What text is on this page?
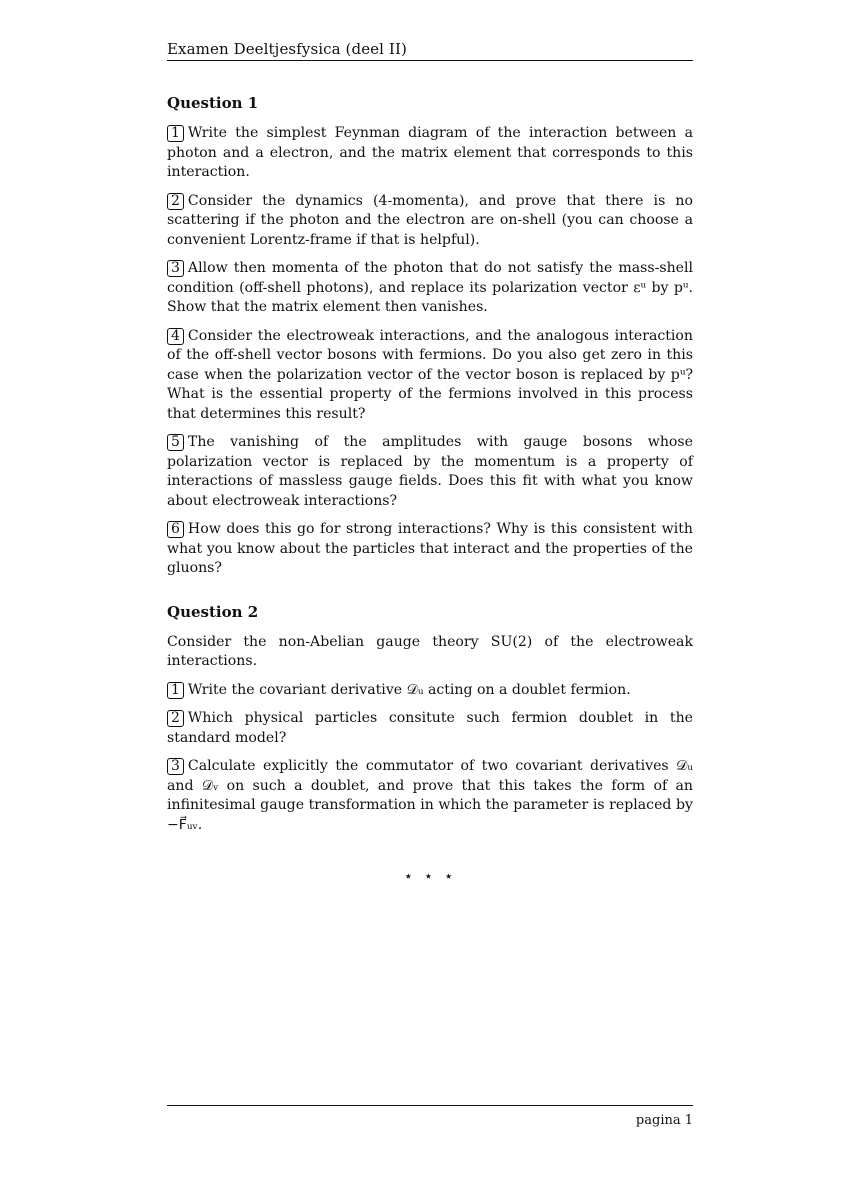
Examen Deeltjesfysica (deel II)
Question 1
1 Write the simplest Feynman diagram of the interaction between a photon and a electron, and the matrix element that corresponds to this interaction.
2 Consider the dynamics (4-momenta), and prove that there is no scattering if the photon and the electron are on-shell (you can choose a convenient Lorentz-frame if that is helpful).
3 Allow then momenta of the photon that do not satisfy the mass-shell condition (off-shell photons), and replace its polarization vector εᵘ by pᵘ. Show that the matrix element then vanishes.
4 Consider the electroweak interactions, and the analogous interaction of the off-shell vector bosons with fermions. Do you also get zero in this case when the polarization vector of the vector boson is replaced by pᵘ? What is the essential property of the fermions involved in this process that determines this result?
5 The vanishing of the amplitudes with gauge bosons whose polarization vector is replaced by the momentum is a property of interactions of massless gauge fields. Does this fit with what you know about electroweak interactions?
6 How does this go for strong interactions? Why is this consistent with what you know about the particles that interact and the properties of the gluons?
Question 2
Consider the non-Abelian gauge theory SU(2) of the electroweak interactions.
1 Write the covariant derivative 𝒟ᵤ acting on a doublet fermion.
2 Which physical particles consitute such fermion doublet in the standard model?
3 Calculate explicitly the commutator of two covariant derivatives 𝒟ᵤ and 𝒟ᵥ on such a doublet, and prove that this takes the form of an infinitesimal gauge transformation in which the parameter is replaced by −F⃗ᵤᵥ.
⋆ ⋆ ⋆
pagina 1
